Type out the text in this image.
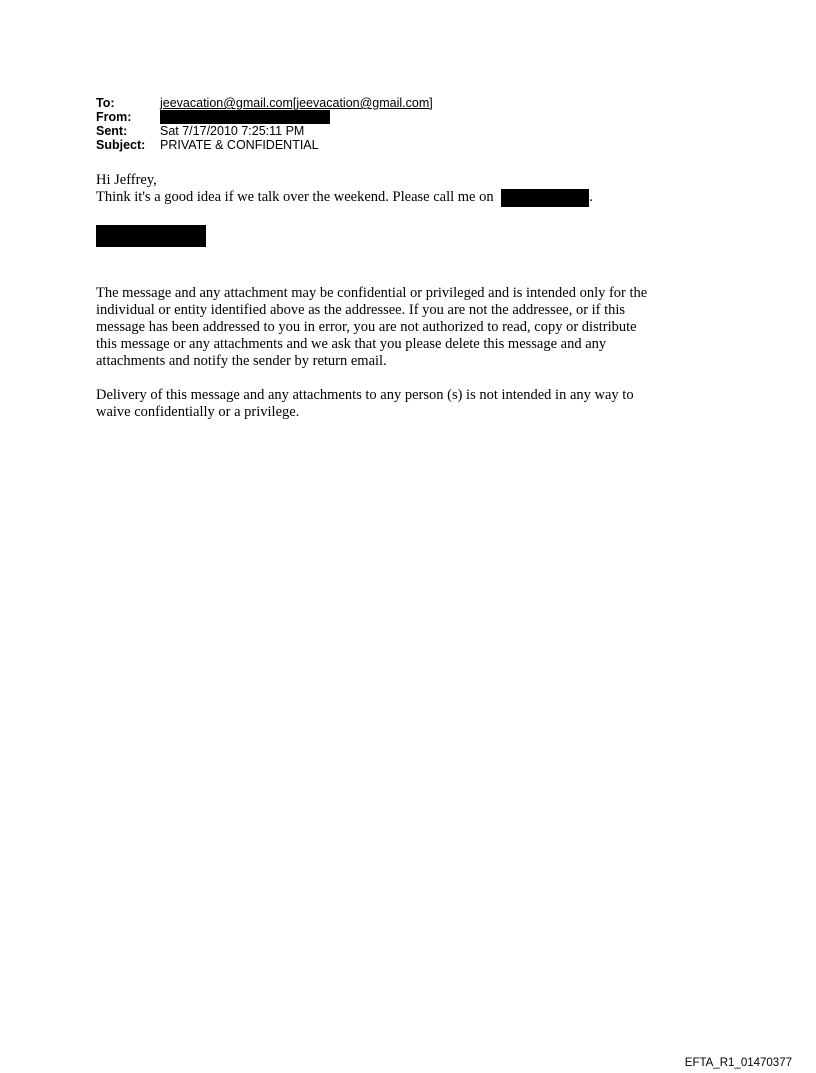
To:	jeevacation@gmail.com[jeevacation@gmail.com]
From:
Sent:	Sat 7/17/2010 7:25:11 PM
Subject:	PRIVATE & CONFIDENTIAL

Hi Jeffrey,

Think it's a good idea if we talk over the weekend. Please call me on	.

The message and any attachment may be confidential or privileged and is intended only for the individual or entity identified above as the addressee. If you are not the addressee, or if this message has been addressed to you in error, you are not authorized to read, copy or distribute this message or any attachments and we ask that you please delete this message and any attachments and notify the sender by return email.

Delivery of this message and any attachments to any person (s) is not intended in any way to waive confidentially or a privilege.

EFTA_R1_01470377
